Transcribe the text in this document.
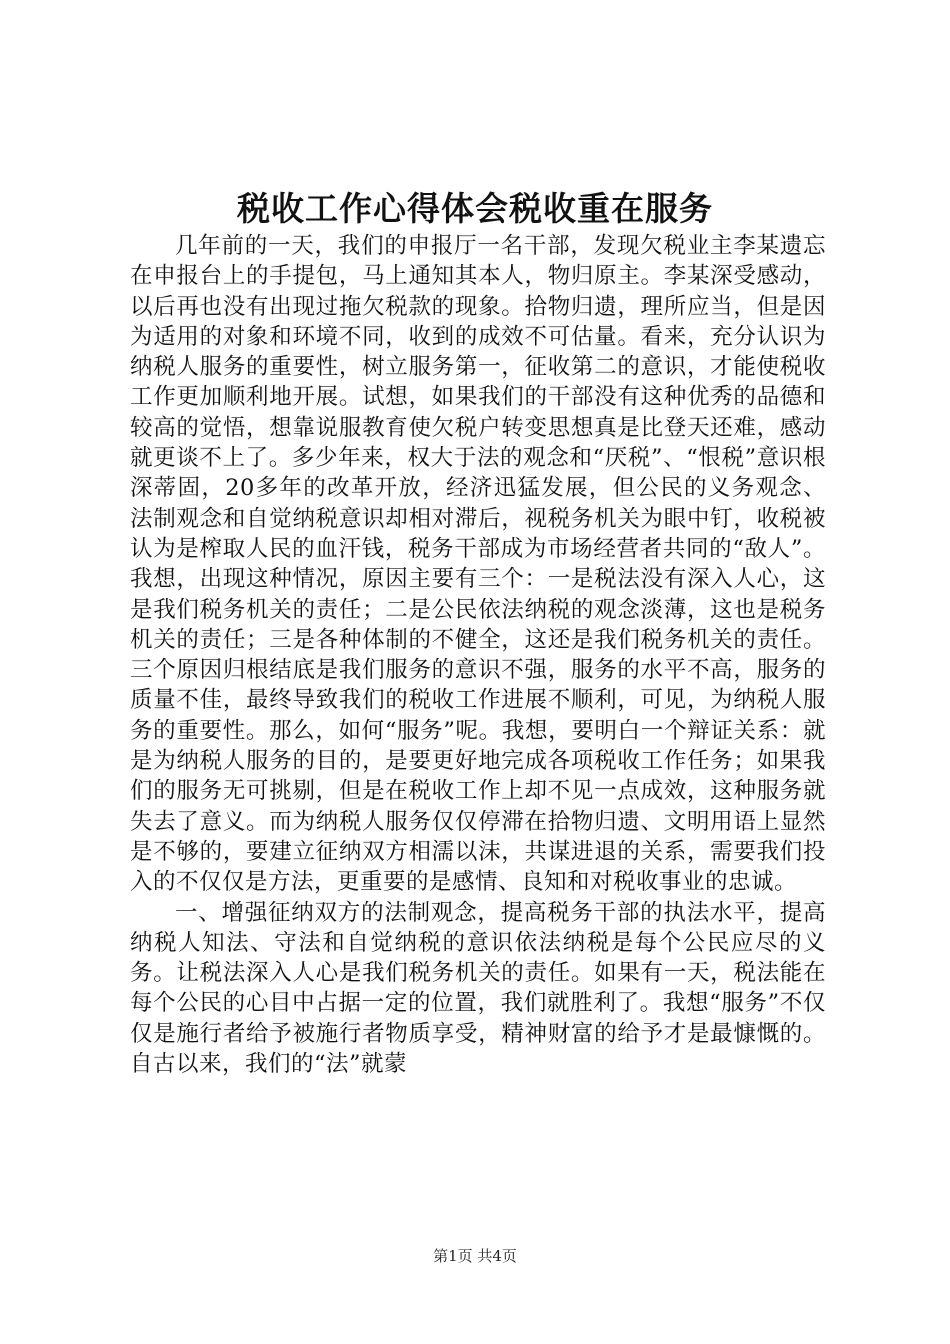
税收工作心得体会税收重在服务

几年前的一天，我们的申报厅一名干部，发现欠税业主李某遗忘在申报台上的手提包，马上通知其本人，物归原主。李某深受感动，以后再也没有出现过拖欠税款的现象。拾物归遗，理所应当，但是因为适用的对象和环境不同，收到的成效不可估量。看来，充分认识为纳税人服务的重要性，树立服务第一，征收第二的意识，才能使税收工作更加顺利地开展。试想，如果我们的干部没有这种优秀的品德和较高的觉悟，想靠说服教育使欠税户转变思想真是比登天还难，感动就更谈不上了。多少年来，权大于法的观念和“厌税”、“恨税”意识根深蒂固，20多年的改革开放，经济迅猛发展，但公民的义务观念、法制观念和自觉纳税意识却相对滞后，视税务机关为眼中钉，收税被认为是榨取人民的血汗钱，税务干部成为市场经营者共同的“敌人”。我想，出现这种情况，原因主要有三个：一是税法没有深入人心，这是我们税务机关的责任；二是公民依法纳税的观念淡薄，这也是税务机关的责任；三是各种体制的不健全，这还是我们税务机关的责任。三个原因归根结底是我们服务的意识不强，服务的水平不高，服务的质量不佳，最终导致我们的税收工作进展不顺利，可见，为纳税人服务的重要性。那么，如何“服务”呢。我想，要明白一个辩证关系：就是为纳税人服务的目的，是要更好地完成各项税收工作任务；如果我们的服务无可挑剔，但是在税收工作上却不见一点成效，这种服务就失去了意义。而为纳税人服务仅仅停滞在拾物归遗、文明用语上显然是不够的，要建立征纳双方相濡以沫，共谋进退的关系，需要我们投入的不仅仅是方法，更重要的是感情、良知和对税收事业的忠诚。

一、增强征纳双方的法制观念，提高税务干部的执法水平，提高纳税人知法、守法和自觉纳税的意识依法纳税是每个公民应尽的义务。让税法深入人心是我们税务机关的责任。如果有一天，税法能在每个公民的心目中占据一定的位置，我们就胜利了。我想“服务”不仅仅是施行者给予被施行者物质享受，精神财富的给予才是最慷慨的。自古以来，我们的“法”就蒙

第1页 共4页
